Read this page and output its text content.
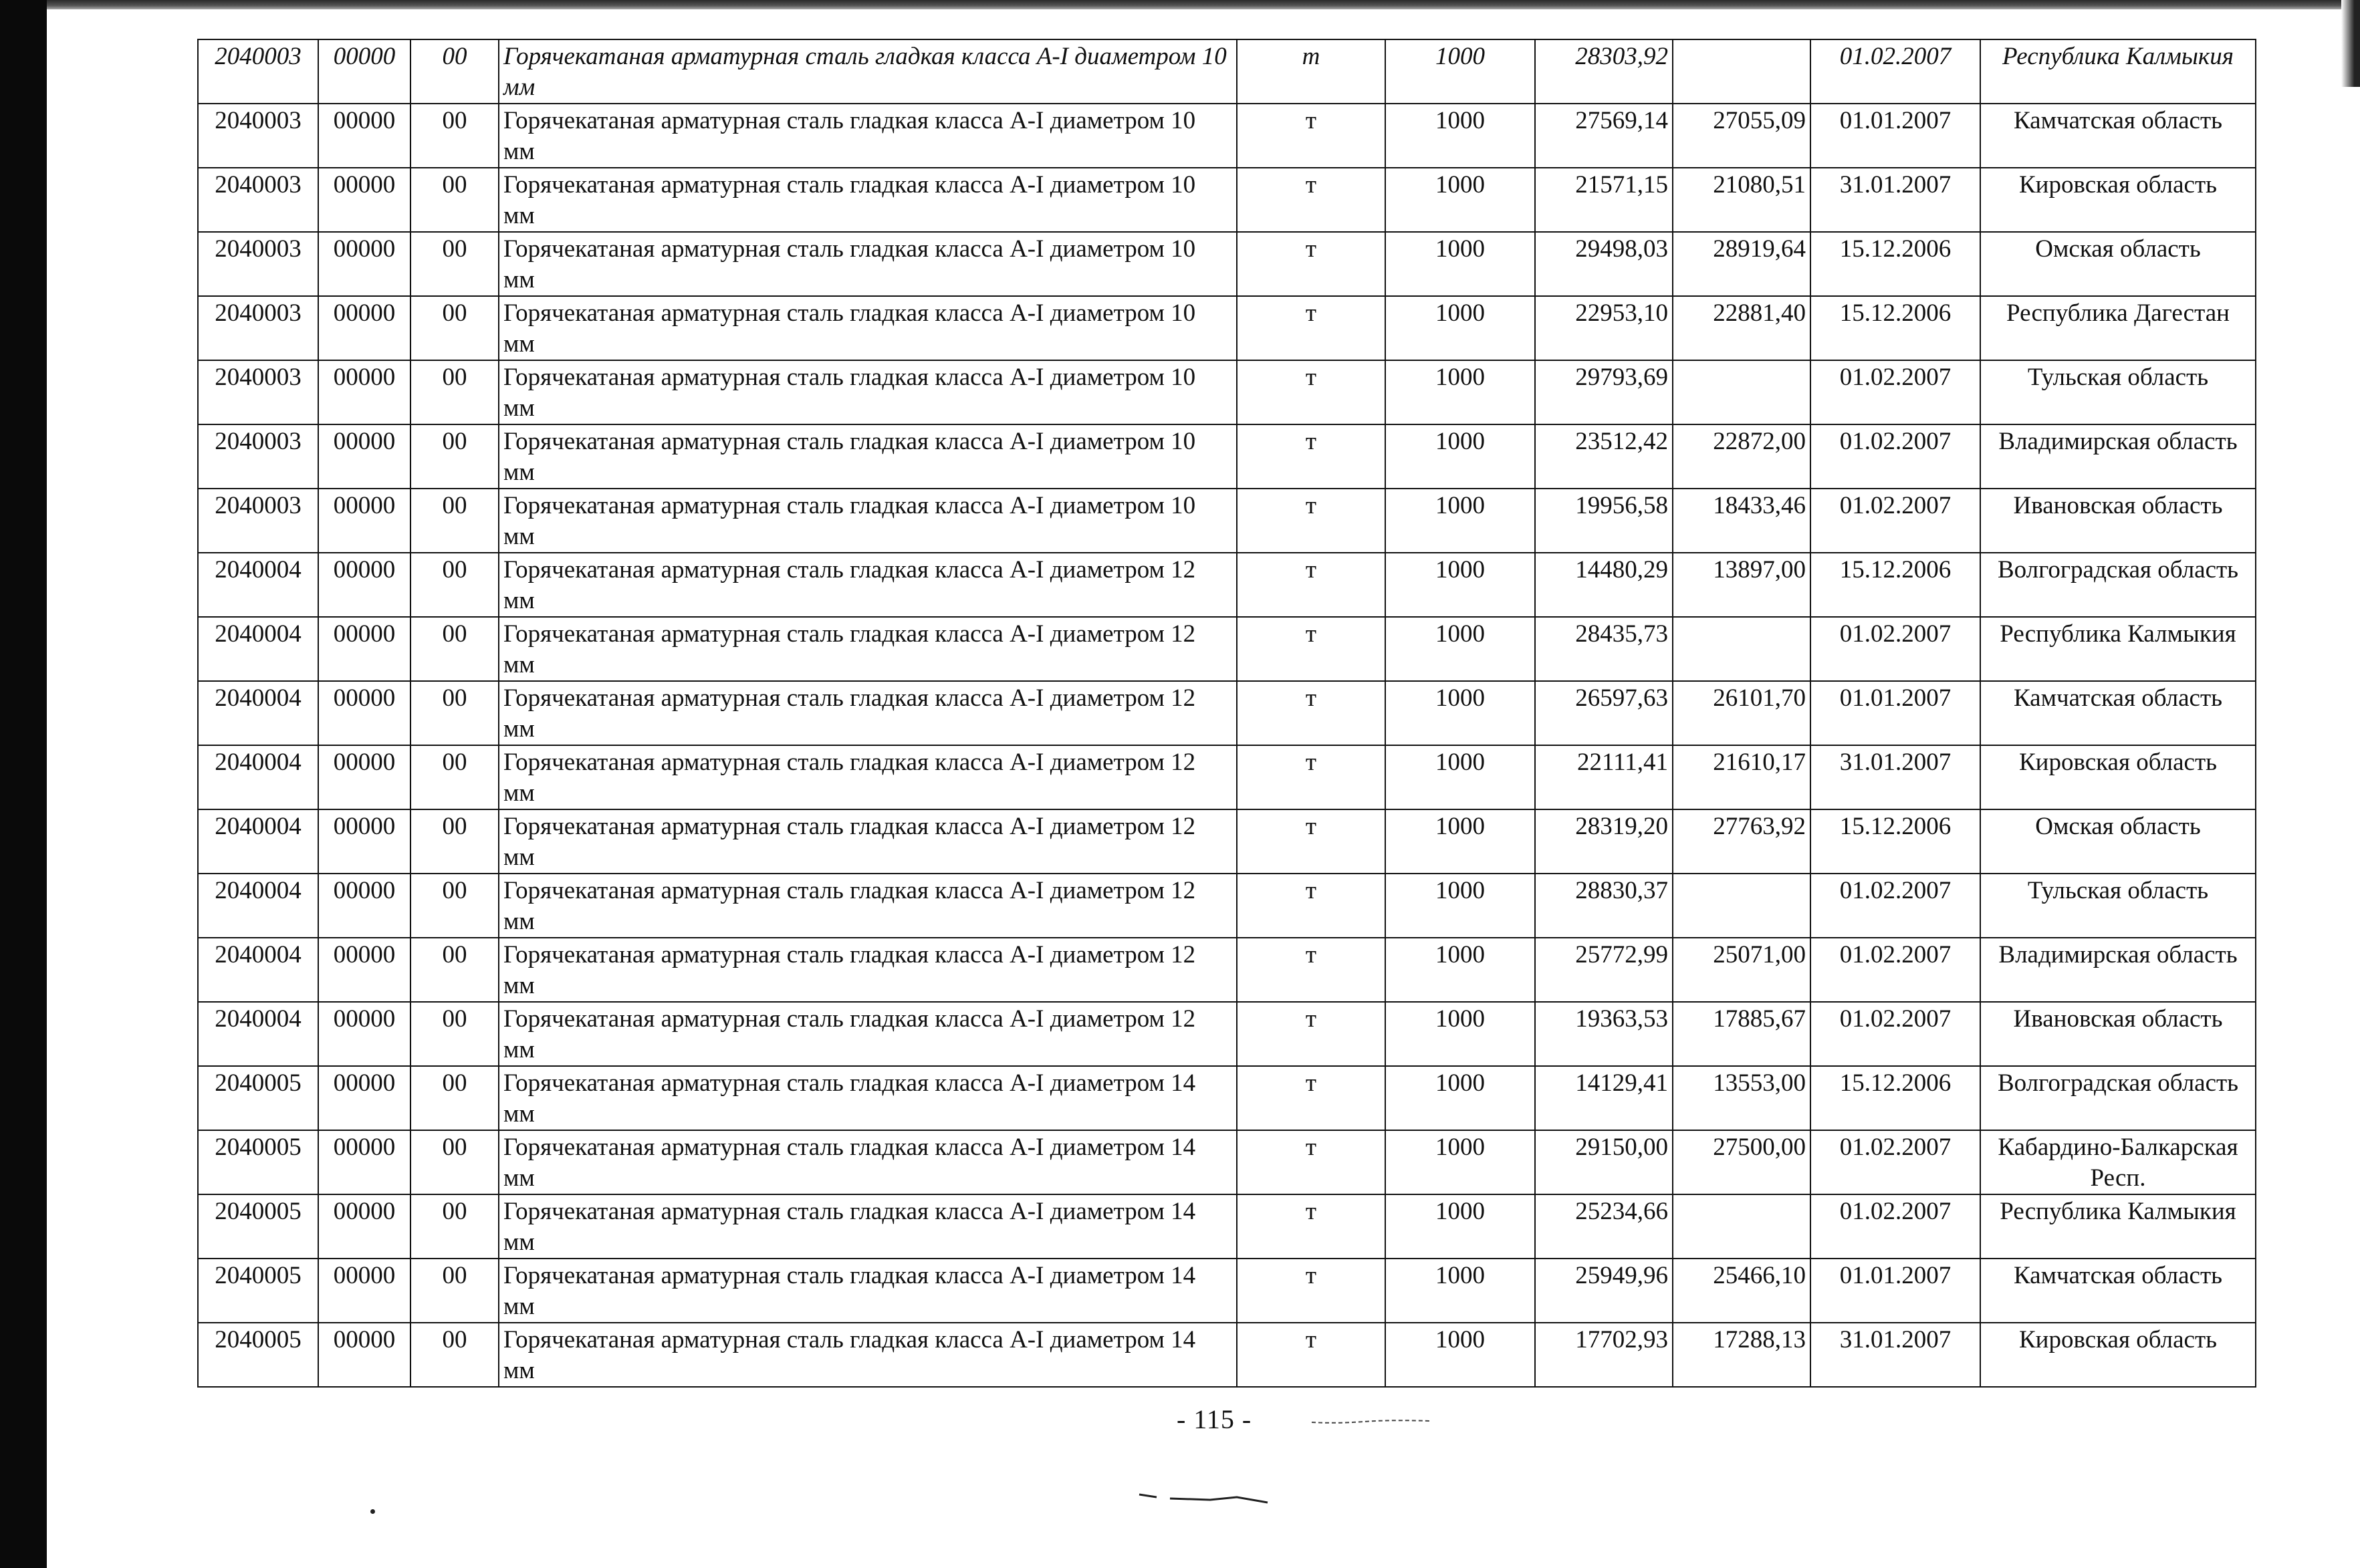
2040003	00000	00	Горячекатаная арматурная сталь гладкая класса А-I диаметром 10 мм	т	1000	28303,92		01.02.2007	Республика Калмыкия
2040003	00000	00	Горячекатаная арматурная сталь гладкая класса А-I диаметром 10 мм	т	1000	27569,14	27055,09	01.01.2007	Камчатская область
2040003	00000	00	Горячекатаная арматурная сталь гладкая класса А-I диаметром 10 мм	т	1000	21571,15	21080,51	31.01.2007	Кировская область
2040003	00000	00	Горячекатаная арматурная сталь гладкая класса А-I диаметром 10 мм	т	1000	29498,03	28919,64	15.12.2006	Омская область
2040003	00000	00	Горячекатаная арматурная сталь гладкая класса А-I диаметром 10 мм	т	1000	22953,10	22881,40	15.12.2006	Республика Дагестан
2040003	00000	00	Горячекатаная арматурная сталь гладкая класса А-I диаметром 10 мм	т	1000	29793,69		01.02.2007	Тульская область
2040003	00000	00	Горячекатаная арматурная сталь гладкая класса А-I диаметром 10 мм	т	1000	23512,42	22872,00	01.02.2007	Владимирская область
2040003	00000	00	Горячекатаная арматурная сталь гладкая класса А-I диаметром 10 мм	т	1000	19956,58	18433,46	01.02.2007	Ивановская область
2040004	00000	00	Горячекатаная арматурная сталь гладкая класса А-I диаметром 12 мм	т	1000	14480,29	13897,00	15.12.2006	Волгоградская область
2040004	00000	00	Горячекатаная арматурная сталь гладкая класса А-I диаметром 12 мм	т	1000	28435,73		01.02.2007	Республика Калмыкия
2040004	00000	00	Горячекатаная арматурная сталь гладкая класса А-I диаметром 12 мм	т	1000	26597,63	26101,70	01.01.2007	Камчатская область
2040004	00000	00	Горячекатаная арматурная сталь гладкая класса А-I диаметром 12 мм	т	1000	22111,41	21610,17	31.01.2007	Кировская область
2040004	00000	00	Горячекатаная арматурная сталь гладкая класса А-I диаметром 12 мм	т	1000	28319,20	27763,92	15.12.2006	Омская область
2040004	00000	00	Горячекатаная арматурная сталь гладкая класса А-I диаметром 12 мм	т	1000	28830,37		01.02.2007	Тульская область
2040004	00000	00	Горячекатаная арматурная сталь гладкая класса А-I диаметром 12 мм	т	1000	25772,99	25071,00	01.02.2007	Владимирская область
2040004	00000	00	Горячекатаная арматурная сталь гладкая класса А-I диаметром 12 мм	т	1000	19363,53	17885,67	01.02.2007	Ивановская область
2040005	00000	00	Горячекатаная арматурная сталь гладкая класса А-I диаметром 14 мм	т	1000	14129,41	13553,00	15.12.2006	Волгоградская область
2040005	00000	00	Горячекатаная арматурная сталь гладкая класса А-I диаметром 14 мм	т	1000	29150,00	27500,00	01.02.2007	Кабардино-Балкарская Респ.
2040005	00000	00	Горячекатаная арматурная сталь гладкая класса А-I диаметром 14 мм	т	1000	25234,66		01.02.2007	Республика Калмыкия
2040005	00000	00	Горячекатаная арматурная сталь гладкая класса А-I диаметром 14 мм	т	1000	25949,96	25466,10	01.01.2007	Камчатская область
2040005	00000	00	Горячекатаная арматурная сталь гладкая класса А-I диаметром 14 мм	т	1000	17702,93	17288,13	31.01.2007	Кировская область
- 115 -
